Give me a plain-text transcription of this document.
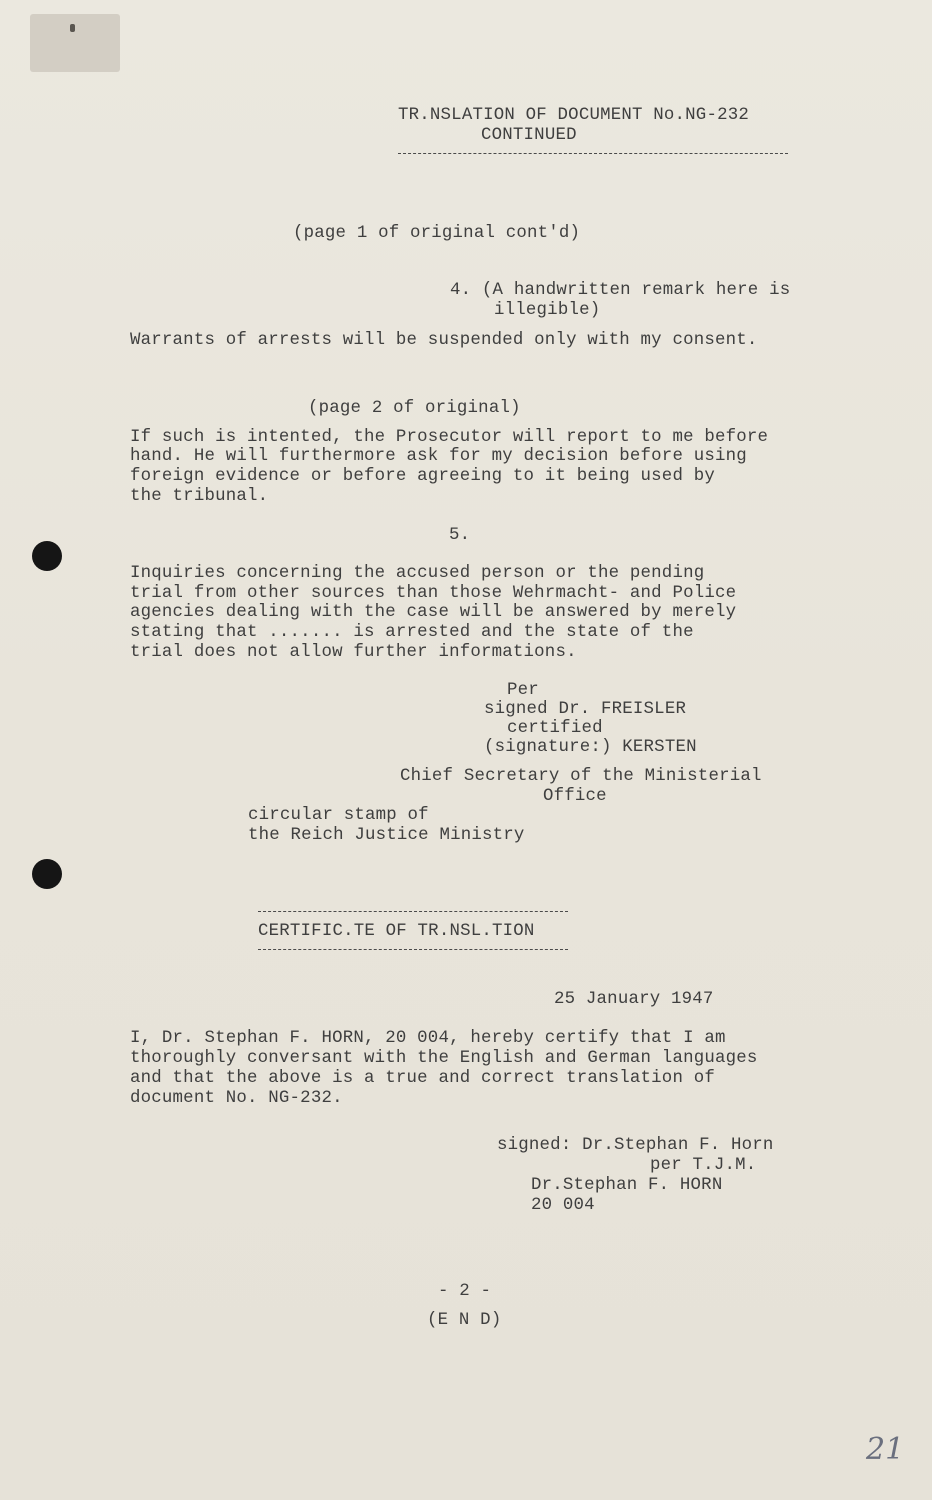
TR.NSLATION OF DOCUMENT No.NG-232
CONTINUED
(page 1 of original cont'd)
4. (A handwritten remark here is
illegible)
Warrants of arrests will be suspended only with my consent.
(page 2 of original)
If such is intented, the Prosecutor will report to me before
hand. He will furthermore ask for my decision before using
foreign evidence or before agreeing to it being used by
the tribunal.
5.
Inquiries concerning the accused person or the pending
trial from other sources than those Wehrmacht- and Police
agencies dealing with the case will be answered by merely
stating that ....... is arrested and the state of the
trial does not allow further informations.
Per
signed Dr. FREISLER
certified
(signature:) KERSTEN
Chief Secretary of the Ministerial
Office
circular stamp of
the Reich Justice Ministry
CERTIFIC.TE OF TR.NSL.TION
25 January 1947
I, Dr. Stephan F. HORN, 20 004, hereby certify that I am
thoroughly conversant with the English and German languages
and that the above is a true and correct translation of
document No. NG-232.
signed: Dr.Stephan F. Horn
per T.J.M.
Dr.Stephan F. HORN
20 004
- 2 -
(E N D)
21
